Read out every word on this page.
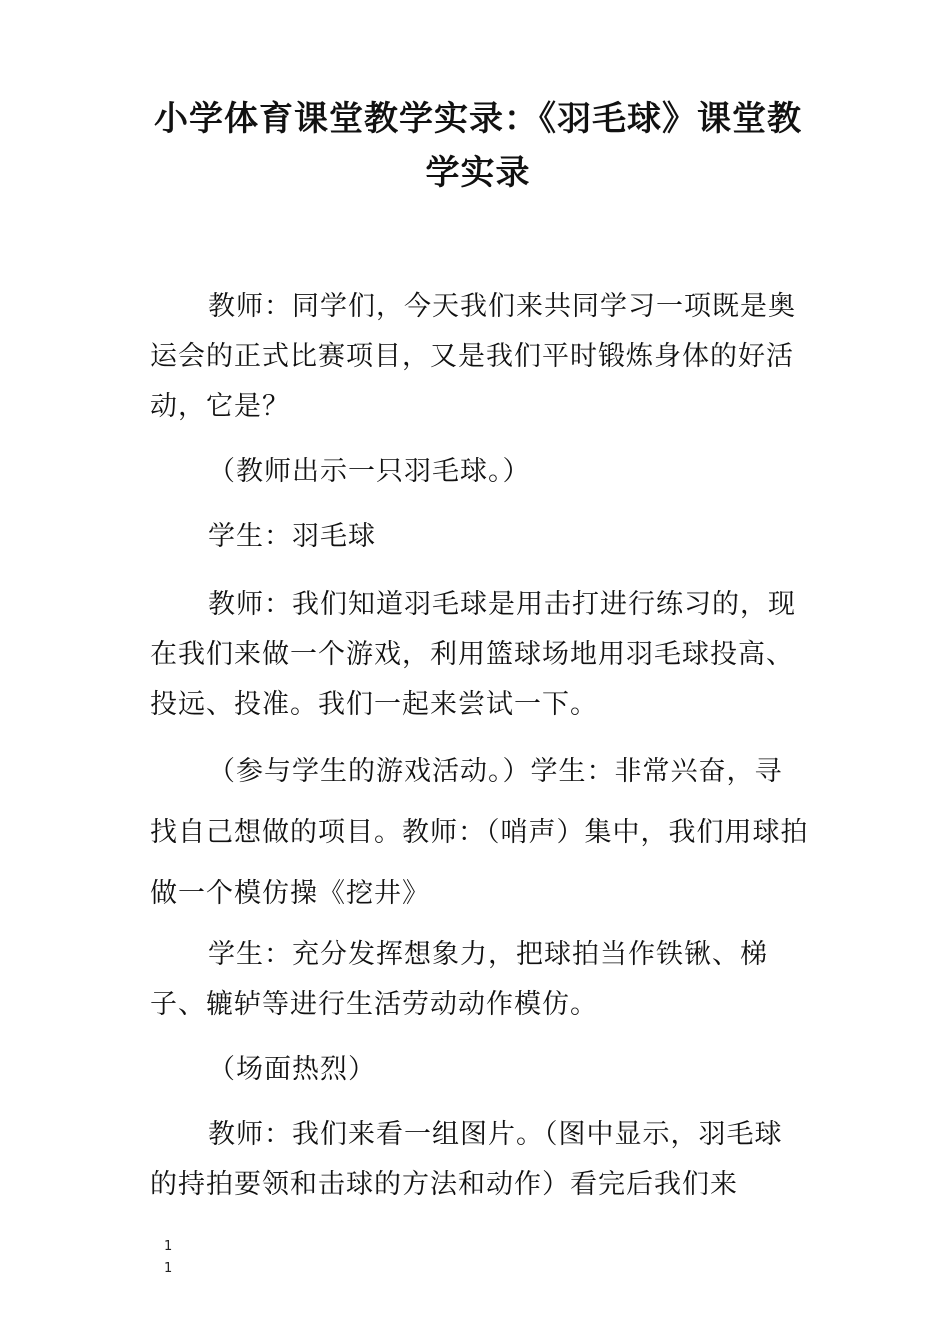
小学体育课堂教学实录：《羽毛球》课堂教学实录

教师：同学们，今天我们来共同学习一项既是奥运会的正式比赛项目，又是我们平时锻炼身体的好活动，它是？

（教师出示一只羽毛球。）

学生：羽毛球

教师：我们知道羽毛球是用击打进行练习的，现在我们来做一个游戏，利用篮球场地用羽毛球投高、投远、投准。我们一起来尝试一下。

（参与学生的游戏活动。）学生：非常兴奋，寻找自己想做的项目。教师：（哨声）集中，我们用球拍做一个模仿操《挖井》

学生：充分发挥想象力，把球拍当作铁锹、梯子、辘轳等进行生活劳动动作模仿。

（场面热烈）

教师：我们来看一组图片。（图中显示，羽毛球的持拍要领和击球的方法和动作）看完后我们来

1
1
